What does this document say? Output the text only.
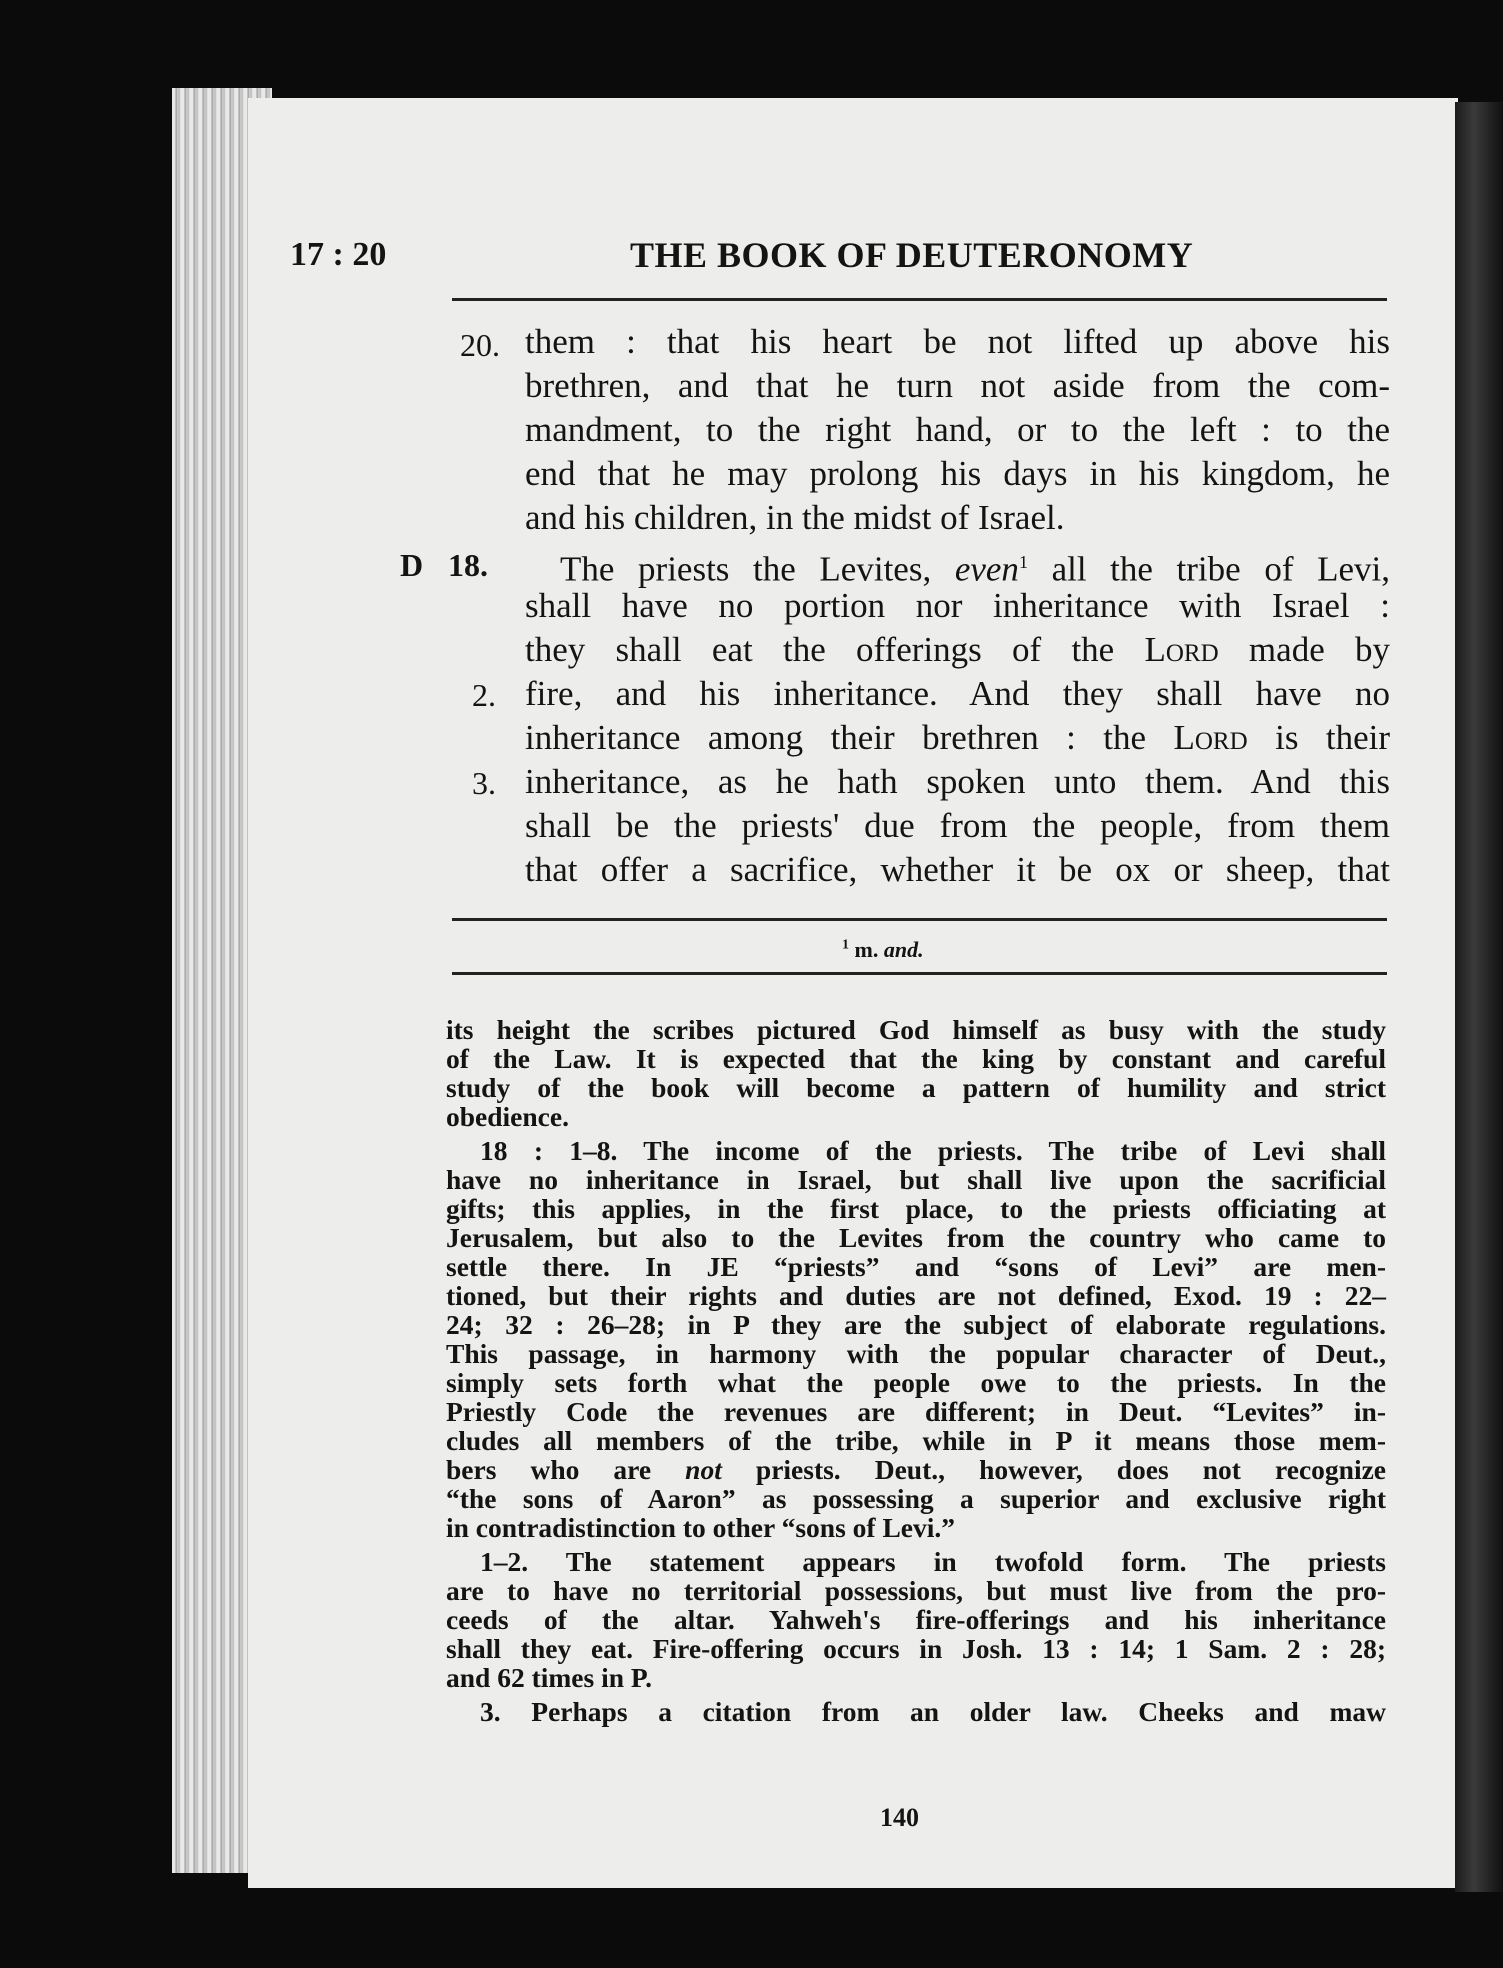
17 : 20	THE BOOK OF DEUTERONOMY
20.
D 18.
2.
3.
them : that his heart be not lifted up above his
brethren, and that he turn not aside from the com-
mandment, to the right hand, or to the left : to the
end that he may prolong his days in his kingdom, he
and his children, in the midst of Israel.
The priests the Levites, even$^1$ all the tribe of Levi,
shall have no portion nor inheritance with Israel :
they shall eat the offerings of the Lord made by
fire, and his inheritance. And they shall have no
inheritance among their brethren : the Lord is their
inheritance, as he hath spoken unto them. And this
shall be the priests' due from the people, from them
that offer a sacrifice, whether it be ox or sheep, that
$^1$ m. and.
its height the scribes pictured God himself as busy with the study
of the Law. It is expected that the king by constant and careful
study of the book will become a pattern of humility and strict
obedience.
18 : 1–8. The income of the priests. The tribe of Levi shall
have no inheritance in Israel, but shall live upon the sacrificial
gifts; this applies, in the first place, to the priests officiating at
Jerusalem, but also to the Levites from the country who came to
settle there. In JE “priests” and “sons of Levi” are men-
tioned, but their rights and duties are not defined, Exod. 19 : 22–
24; 32 : 26–28; in P they are the subject of elaborate regulations.
This passage, in harmony with the popular character of Deut.,
simply sets forth what the people owe to the priests. In the
Priestly Code the revenues are different; in Deut. “Levites” in-
cludes all members of the tribe, while in P it means those mem-
bers who are not priests. Deut., however, does not recognize
“the sons of Aaron” as possessing a superior and exclusive right
in contradistinction to other “sons of Levi.”
1–2. The statement appears in twofold form. The priests
are to have no territorial possessions, but must live from the pro-
ceeds of the altar. Yahweh's fire-offerings and his inheritance
shall they eat. Fire-offering occurs in Josh. 13 : 14; 1 Sam. 2 : 28;
and 62 times in P.
3. Perhaps a citation from an older law. Cheeks and maw
140
